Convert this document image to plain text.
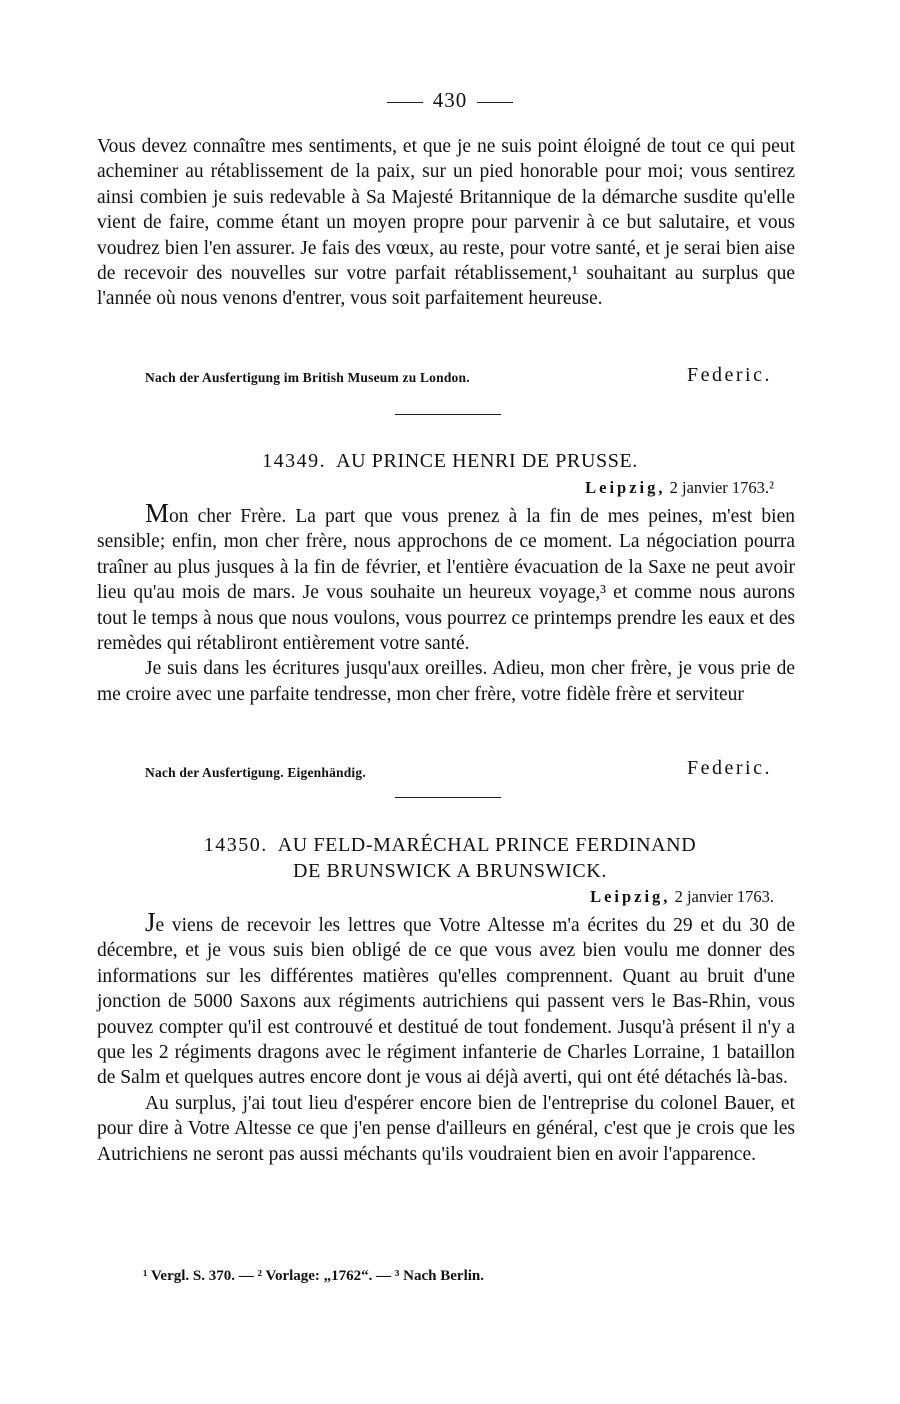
430

Vous devez connaître mes sentiments, et que je ne suis point éloigné de tout ce qui peut acheminer au rétablissement de la paix, sur un pied honorable pour moi; vous sentirez ainsi combien je suis redevable à Sa Majesté Britannique de la démarche susdite qu'elle vient de faire, comme étant un moyen propre pour parvenir à ce but salutaire, et vous voudrez bien l'en assurer. Je fais des vœux, au reste, pour votre santé, et je serai bien aise de recevoir des nouvelles sur votre parfait rétablissement,¹ souhaitant au surplus que l'année où nous venons d'entrer, vous soit parfaitement heureuse.

Nach der Ausfertigung im British Museum zu London.	Federic.
14349. AU PRINCE HENRI DE PRUSSE.
Leipzig, 2 janvier 1763.²

Mon cher Frère. La part que vous prenez à la fin de mes peines, m'est bien sensible; enfin, mon cher frère, nous approchons de ce moment. La négociation pourra traîner au plus jusques à la fin de février, et l'entière évacuation de la Saxe ne peut avoir lieu qu'au mois de mars. Je vous souhaite un heureux voyage,³ et comme nous aurons tout le temps à nous que nous voulons, vous pourrez ce printemps prendre les eaux et des remèdes qui rétabliront entièrement votre santé.

Je suis dans les écritures jusqu'aux oreilles. Adieu, mon cher frère, je vous prie de me croire avec une parfaite tendresse, mon cher frère, votre fidèle frère et serviteur

Nach der Ausfertigung. Eigenhändig.	Federic.
14350. AU FELD-MARÉCHAL PRINCE FERDINAND
DE BRUNSWICK A BRUNSWICK.
Leipzig, 2 janvier 1763.

Je viens de recevoir les lettres que Votre Altesse m'a écrites du 29 et du 30 de décembre, et je vous suis bien obligé de ce que vous avez bien voulu me donner des informations sur les différentes matières qu'elles comprennent. Quant au bruit d'une jonction de 5000 Saxons aux régiments autrichiens qui passent vers le Bas-Rhin, vous pouvez compter qu'il est controuvé et destitué de tout fondement. Jusqu'à présent il n'y a que les 2 régiments dragons avec le régiment infanterie de Charles Lorraine, 1 bataillon de Salm et quelques autres encore dont je vous ai déjà averti, qui ont été détachés là-bas.

Au surplus, j'ai tout lieu d'espérer encore bien de l'entreprise du colonel Bauer, et pour dire à Votre Altesse ce que j'en pense d'ailleurs en général, c'est que je crois que les Autrichiens ne seront pas aussi méchants qu'ils voudraient bien en avoir l'apparence.

¹ Vergl. S. 370. — ² Vorlage: „1762“. — ³ Nach Berlin.
